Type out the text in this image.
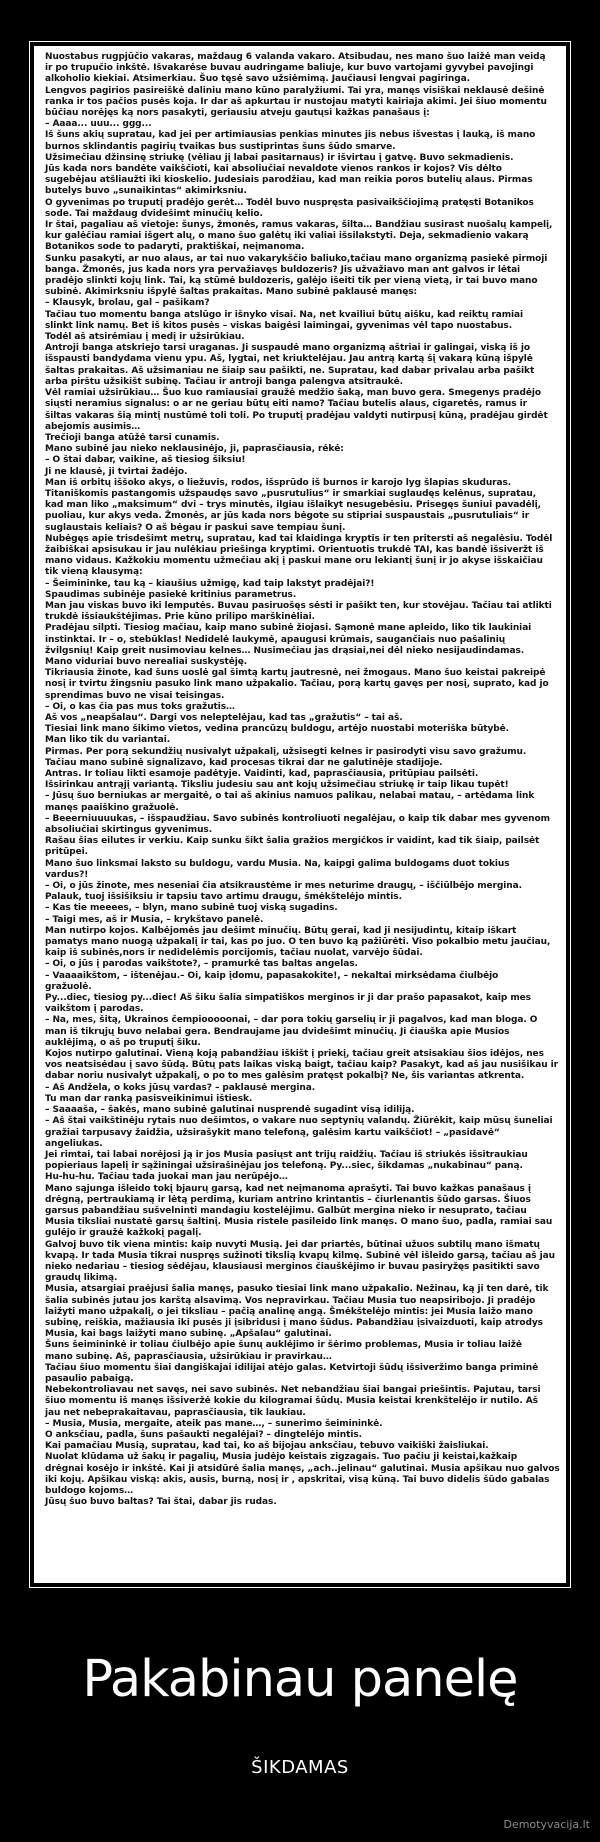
Nuostabus rugpjūčio vakaras, maždaug 6 valanda vakaro. Atsibudau, nes mano šuo laižė man veidą
ir po trupučio inkštė. Išvakarėse buvau audringame baliuje, kur buvo vartojami gyvybei pavojingi
alkoholio kiekiai. Atsimerkiau. Šuo tęsė savo užsiėmimą. Jaučiausi lengvai pagiringa.
Lengvos pagirios pasireiškė daliniu mano kūno paralyžiumi. Tai yra, manęs visiškai neklausė dešinė
ranka ir tos pačios pusės koja. Ir dar aš apkurtau ir nustojau matyti kairiaja akimi. Jei šiuo momentu
būčiau norėjęs ką nors pasakyti, geriausiu atveju gautųsi kažkas panašaus į:
– Aaaa... uuu... ggg...
Iš šuns akių supratau, kad jei per artimiausias penkias minutes jis nebus išvestas į lauką, iš mano
burnos sklindantis pagirių tvaikas bus sustiprintas šuns šūdo smarve.
Užsimečiau džinsinę striukę (vėliau jį labai pasitarnaus) ir išvirtau į gatvę. Buvo sekmadienis.
Jūs kada nors bandėte vaikščioti, kai absoliučiai nevaldote vienos rankos ir kojos? Vis dėlto
sugebėjau atšliaužti iki kioskelio. Judesiais parodžiau, kad man reikia poros butelių alaus. Pirmas
butelys buvo „sunaikintas“ akimirksniu.
O gyvenimas po truputį pradėjo gerėt… Todėl buvo nuspręsta pasivaikščiojimą pratęsti Botanikos
sode. Tai maždaug dvidešimt minučių kelio.
Ir štai, pagaliau aš vietoje: šunys, žmonės, ramus vakaras, šilta… Bandžiau susirast nuošalų kampelį,
kur galėčiau ramiai išgert alų, o mano šuo galėtų iki valiai išsilakstyti. Deja, sekmadienio vakarą
Botanikos sode to padaryti, praktiškai, neįmanoma.
Sunku pasakyti, ar nuo alaus, ar tai nuo vakarykščio baliuko,tačiau mano organizmą pasiekė pirmoji
banga. Žmonės, jus kada nors yra pervažiavęs buldozeris? Jis užvažiavo man ant galvos ir lėtai
pradėjo slinkti kojų link. Tai, ką stūmė buldozeris, galėjo išeiti tik per vieną vietą, ir tai buvo mano
subinė. Akimirksniu išpylė šaltas prakaitas. Mano subinė paklausė manęs:
– Klausyk, brolau, gal – pašikam?
Tačiau tuo momentu banga atslūgo ir išnyko visai. Na, net kvailiui būtų aišku, kad reiktų ramiai
slinkt link namų. Bet iš kitos pusės – viskas baigėsi laimingai, gyvenimas vėl tapo nuostabus.
Todėl aš atsirėmiau į medį ir užsirūkiau.
Antroji banga atskriejo tarsi uraganas. Ji suspaudė mano organizmą aštriai ir galingai, viską iš jo
išspausti bandydama vienu ypu. Aš, lygtai, net kriuktelėjau. Jau antrą kartą šį vakarą kūną išpylė
šaltas prakaitas. Aš užsimaniau ne šiaip sau pašikti, ne. Supratau, kad dabar privalau arba pašikt
arba pirštu užsikišt subinę. Tačiau ir antroji banga palengva atsitraukė.
Vėl ramiai užsirūkiau… Šuo kuo ramiausiai graužė medžio šaką, man buvo gera. Smegenys pradėjo
siųsti neramius signalus: o ar ne geriau būtų eiti namo? Tačiau butelis alaus, cigaretės, ramus ir
šiltas vakaras šią mintį nustūmė toli toli. Po truputį pradėjau valdyti nutirpusį kūną, pradėjau girdėt
abejomis ausimis…
Trečioji banga atūžė tarsi cunamis.
Mano subinė jau nieko neklausinėjo, ji, paprasčiausia, rėkė:
– O štai dabar, vaikine, aš tiesiog šiksiu!
Ji ne klausė, ji tvirtai žadėjo.
Man iš orbitų iššoko akys, o liežuvis, rodos, išsprūdo iš burnos ir karojo lyg šlapias skuduras.
Titaniškomis pastangomis užspaudęs savo „pusrutulius“ ir smarkiai suglaudęs kelėnus, supratau,
kad man liko „maksimum“ dvi – trys minutės, ilgiau išlaikyt nesugebėsiu. Prisegęs šuniui pavadėlį,
puoliau, kur akys veda. Žmonės, ar jūs kada nors bėgote su stipriai suspaustais „pusrutuliais“ ir
suglaustais keliais? O aš bėgau ir paskui save tempiau šunį.
Nubėgęs apie trisdešimt metrų, supratau, kad tai klaidinga kryptis ir ten pritersti aš negalėsiu. Todėl
žaibiškai apsisukau ir jau nulėkiau priešinga kryptimi. Orientuotis trukdė TAI, kas bandė išsiveržt iš
mano vidaus. Kažkokiu momentu užmečiau akį į paskui mane oru lekiantį šunį ir jo akyse išskaičiau
tik vieną klausymą:
– Šeimininke, tau ką – kiaušius užmigę, kad taip lakstyt pradėjai?!
Spaudimas subinėje pasiekė kritinius parametrus.
Man jau viskas buvo iki lemputės. Buvau pasiruošęs sėsti ir pašikt ten, kur stovėjau. Tačiau tai atlikti
trukdė išsiaukštėjimas. Prie kūno prilipo marškinėliai.
Pradėjau silpti. Tiesiog mačiau, kaip mano subinė žiojasi. Sąmonė mane apleido, liko tik laukiniai
instinktai. Ir – o, stebūklas! Nedidelė laukymė, apaugusi krūmais, saugančiais nuo pašalinių
žvilgsnių! Kaip greit nusimoviau kelnes… Nusimečiau jas drąsiai,nei dėl nieko nesijaudindamas.
Mano viduriai buvo nerealiai suskystėję.
Tikriausia žinote, kad šuns uoslė gal šimtą kartų jautresnė, nei žmogaus. Mano šuo keistai pakreipė
nosį ir tvirtu žingsniu pasuko link mano užpakalio. Tačiau, porą kartų gavęs per nosį, suprato, kad jo
sprendimas buvo ne visai teisingas.
– Oi, o kas čia pas mus toks gražutis…
Aš vos „neapšalau“. Dargi vos neleptelėjau, kad tas „gražutis“ – tai aš.
Tiesiai link mano šikimo vietos, vedina prancūzų buldogu, artėjo nuostabi moteriška būtybė.
Man liko tik du variantai.
Pirmas. Per porą sekundžių nusivalyt užpakalį, užsisegti kelnes ir pasirodyti visu savo gražumu.
Tačiau mano subinė signalizavo, kad procesas tikrai dar ne galutinėje stadijoje.
Antras. Ir toliau likti esamoje padėtyje. Vaidinti, kad, paprasčiausia, pritūpiau pailsėti.
Išsirinkau antrąjį variantą. Tiksliu judesiu sau ant kojų užsimečiau striukę ir taip likau tupėt!
– Jūsų šuo berniukas ar mergaitė, o tai aš akinius namuos palikau, nelabai matau, – artėdama link
manęs paaiškino gražuolė.
– Beeerniuuuukas, – išspaudžiau. Savo subinės kontroliuoti negalėjau, o kaip tik dabar mes gyvenom
absoliučiai skirtingus gyvenimus.
Rašau šias eilutes ir verkiu. Kaip sunku šikt šalia gražios mergičkos ir vaidint, kad tik šiaip, pailsėt
pritūpei.
Mano šuo linksmai laksto su buldogu, vardu Musia. Na, kaipgi galima buldogams duot tokius
vardus?!
– Oi, o jūs žinote, mes neseniai čia atsikraustėme ir mes neturime draugų, – iščiūlbėjo mergina.
Palauk, tuoj išsišiksiu ir tapsiu tavo artimu draugu, šmėkštelėjo mintis.
– Kas tie meeees, – blyn, mano subinė tuoj viską sugadins.
– Taigi mes, aš ir Musia, – krykštavo panelė.
Man nutirpo kojos. Kalbėjomės jau dešimt minučių. Būtų gerai, kad ji nesijudintų, kitaip iškart
pamatys mano nuogą užpakalį ir tai, kas po juo. O ten buvo ką pažiūrėti. Viso pokalbio metu jaučiau,
kaip iš subinės,nors ir nedidelėmis porcijomis, tačiau nuolat, varvėjo šūdai.
– Oi, o jūs į parodas vaikštote?, – pramurkė tas baltas angelas.
– Vaaaaikštom, – ištenėjau.– Oi, kaip įdomu, papasakokite!, – nekaltai mirksėdama čiulbėjo
gražuolė.
Py...diec, tiesiog py...diec! Aš šiku šalia simpatiškos merginos ir ji dar prašo papasakot, kaip mes
vaikštom į parodas.
– Na, mes, šitą, Ukrainos čempiooooonai, – dar pora tokių garselių ir ji pagalvos, kad man bloga. O
man iš tikrųjų buvo nelabai gera. Bendraujame jau dvidešimt minučių. Ji čiauška apie Musios
auklėjimą, o aš po truputį šiku.
Kojos nutirpo galutinai. Vieną koją pabandžiau iškišt į priekį, tačiau greit atsisakiau šios idėjos, nes
vos neatsisėdau į savo šūdą. Būtų pats laikas viską baigt, tačiau kaip? Pasakyt, kad aš jau nusišikau ir
dabar noriu nusivalyt užpakalį, o po to mes galėsim pratęst pokalbį? Ne, šis variantas atkrenta.
– Aš Andželа, o koks jūsų vardas? – paklausė mergina.
Tu man dar ranką pasisveikinimui ištiesk.
– Saaaaša, – šakės, mano subinė galutinai nusprendė sugadint visą idiliją.
– Aš štai vaikštinėju rytais nuo dešimtos, o vakare nuo septynių valandų. Žiūrėkit, kaip mūsų šuneliai
gražiai tarpusavy žaidžia, užsirašykit mano telefoną, galėsim kartu vaikščiot! – „pasidavė“
angeliukas.
Jei rimtai, tai labai norėjosi ją ir jos Musia pasiųst ant trijų raidžių. Tačiau iš striukės išsitraukiau
popieriaus lapelį ir sąžiningai užsirašinėjau jos telefoną. Py...siec, šikdamas „nukabinau“ paną.
Hu-hu-hu. Tačiau tada juokai man jau nerūpėjo…
Mano sąjunga išleido tokį bjaurų garsą, kad net neįmanoma aprašyti. Tai buvo kažkas panašaus į
drėgną, pertraukiamą ir lėtą perdimą, kuriam antrino krintantis – čiurlenantis šūdo garsas. Šiuos
garsus pabandžiau sušvelninti mandagiu kostelėjimu. Galbūt mergina nieko ir nesuprato, tačiau
Musia tiksliai nustatė garsų šaltinį. Musia ristele pasileido link manęs. O mano šuo, padla, ramiai sau
gulėjo ir graužė kažkokį pagalį.
Galvoj buvo tik viena mintis: kaip nuvyti Musią. Jei dar priartės, būtinai užuos subtilų mano išmatų
kvapą. Ir tada Musia tikrai nuspręs sužinoti tikslią kvapų kilmę. Subinė vėl išleido garsą, tačiau aš jau
nieko nedariau – tiesiog sėdėjau, klausiausi merginos čiauškėjimo ir buvau pasiryžęs pasitikti savo
graudų likimą.
Musia, atsargiai praėjusi šalia manęs, pasuko tiesiai link mano užpakalio. Nežinau, ką ji ten darė, tik
šalia subinės jutau jos karštą alsavimą. Vos nepravirkau. Tačiau Musia tuo neapsiribojo. Ji pradėjo
laižyti mano užpakalį, o jei tiksliau – pačią analinę angą. Šmėkštelėjo mintis: jei Musia laižo mano
subinę, reiškia, mažiausia iki pusės ji įsibridusi į mano šūdus. Pabandžiau įsivaizduoti, kaip atrodys
Musia, kai bags laižyti mano subinę. „Apšalau“ galutinai.
Šuns šeimininkė ir toliau čiulbėjo apie šunų auklėjimo ir šėrimo problemas, Musia ir toliau laižė
mano subinę. Aš, paprasčiausia, užsirūkiau ir pravirkau…
Tačiau šiuo momentu šiai dangiškajai idilijai atėjo galas. Ketvirtoji šūdų išsiveržimo banga priminė
pasaulio pabaigą.
Nebekontroliavau net savęs, nei savo subinės. Net nebandžiau šiai bangai priešintis. Pajutau, tarsi
šiuo momentu iš manęs išsiveržė kokie du kilogramai šūdų. Musia keistai krenkštelėjo ir nutilo. Aš
jau net nebeprakaitavau, paprasčiausia, tik laukiau.
– Musia, Musia, mergaite, ateik pas mane…, – sunerimo šeimininkė.
O anksčiau, padla, šuns pašaukti negalėjai? – dingtelėjo mintis.
Kai pamačiau Musią, supratau, kad tai, ko aš bijojau anksčiau, tebuvo vaikiški žaisliukai.
Nuolat klūdama už šakų ir pagalių, Musia judėjo keistais zigzagais. Tuo pačiu ji keistai,kažkaip
drėgnai kosėjo ir inkštė. Kai ji atsidūrė šalia manęs, „ach..jelinau“ galutinai. Musia apšikau nuo galvos
iki kojų. Apšikau viską: akis, ausis, burną, nosį ir , apskritai, visą kūną. Tai buvo didelis šūdo gabalas
buldogo kojoms…
Jūsų šuo buvo baltas? Tai štai, dabar jis rudas.
Pakabinau panelę
ŠIKDAMAS
Demotyvacija.lt
